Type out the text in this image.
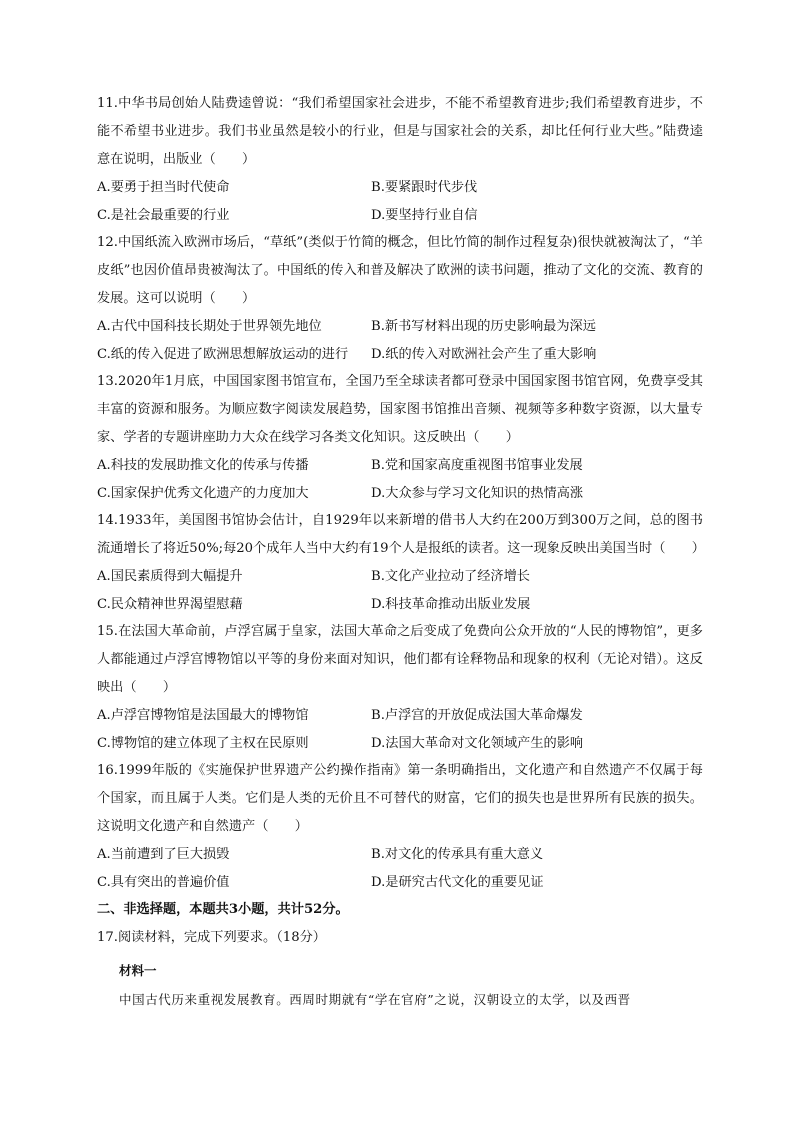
11.中华书局创始人陆费逵曾说：“我们希望国家社会进步，不能不希望教育进步;我们希望教育进步，不能不希望书业进步。我们书业虽然是较小的行业，但是与国家社会的关系，却比任何行业大些。”陆费逵意在说明，出版业（　　）

A.要勇于担当时代使命	B.要紧跟时代步伐
C.是社会最重要的行业	D.要坚持行业自信

12.中国纸流入欧洲市场后，“草纸”(类似于竹简的概念，但比竹简的制作过程复杂)很快就被淘汰了，“羊皮纸”也因价值昂贵被淘汰了。中国纸的传入和普及解决了欧洲的读书问题，推动了文化的交流、教育的发展。这可以说明（　　）

A.古代中国科技长期处于世界领先地位	B.新书写材料出现的历史影响最为深远
C.纸的传入促进了欧洲思想解放运动的进行	D.纸的传入对欧洲社会产生了重大影响

13.2020年1月底，中国国家图书馆宣布，全国乃至全球读者都可登录中国国家图书馆官网，免费享受其丰富的资源和服务。为顺应数字阅读发展趋势，国家图书馆推出音频、视频等多种数字资源，以大量专家、学者的专题讲座助力大众在线学习各类文化知识。这反映出（　　）

A.科技的发展助推文化的传承与传播	B.党和国家高度重视图书馆事业发展
C.国家保护优秀文化遗产的力度加大	D.大众参与学习文化知识的热情高涨

14.1933年，美国图书馆协会估计，自1929年以来新增的借书人大约在200万到300万之间，总的图书流通增长了将近50%;每20个成年人当中大约有19个人是报纸的读者。这一现象反映出美国当时（　　）

A.国民素质得到大幅提升	B.文化产业拉动了经济增长
C.民众精神世界渴望慰藉	D.科技革命推动出版业发展

15.在法国大革命前，卢浮宫属于皇家，法国大革命之后变成了免费向公众开放的“人民的博物馆”，更多人都能通过卢浮宫博物馆以平等的身份来面对知识，他们都有诠释物品和现象的权利（无论对错）。这反映出（　　）

A.卢浮宫博物馆是法国最大的博物馆	B.卢浮宫的开放促成法国大革命爆发
C.博物馆的建立体现了主权在民原则	D.法国大革命对文化领域产生的影响

16.1999年版的《实施保护世界遗产公约操作指南》第一条明确指出，文化遗产和自然遗产不仅属于每个国家，而且属于人类。它们是人类的无价且不可替代的财富，它们的损失也是世界所有民族的损失。这说明文化遗产和自然遗产（　　）

A.当前遭到了巨大损毁	B.对文化的传承具有重大意义
C.具有突出的普遍价值	D.是研究古代文化的重要见证

二、非选择题，本题共3小题，共计52分。

17.阅读材料，完成下列要求。（18分）

材料一

中国古代历来重视发展教育。西周时期就有“学在官府”之说，汉朝设立的太学，以及西晋
